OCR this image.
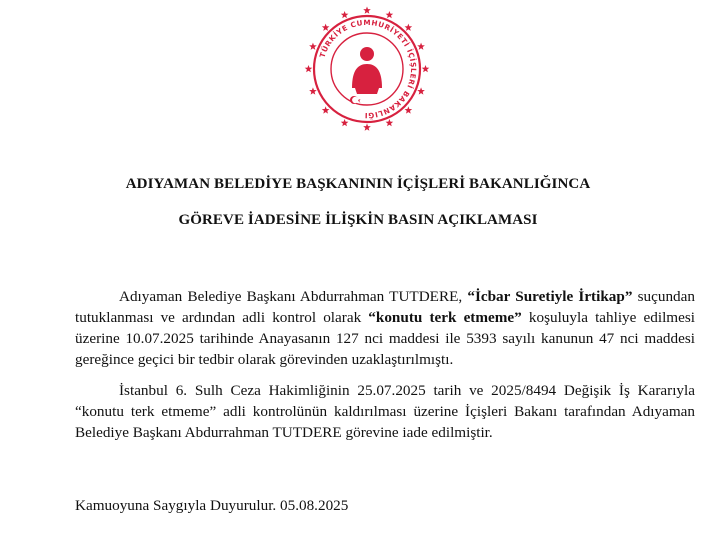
TÜRKİYE CUMHURİYETİ İÇİŞLERİ BAKANLIĞI
ADIYAMAN BELEDİYE BAŞKANININ İÇİŞLERİ BAKANLIĞINCA
GÖREVE İADESİNE İLİŞKİN BASIN AÇIKLAMASI
Adıyaman Belediye Başkanı Abdurrahman TUTDERE, “İcbar Suretiyle İrtikap” suçundan tutuklanması ve ardından adli kontrol olarak “konutu terk etmeme” koşuluyla tahliye edilmesi üzerine 10.07.2025 tarihinde Anayasanın 127 nci maddesi ile 5393 sayılı kanunun 47 nci maddesi gereğince geçici bir tedbir olarak görevinden uzaklaştırılmıştı.
İstanbul 6. Sulh Ceza Hakimliğinin 25.07.2025 tarih ve 2025/8494 Değişik İş Kararıyla “konutu terk etmeme” adli kontrolünün kaldırılması üzerine İçişleri Bakanı tarafından Adıyaman Belediye Başkanı Abdurrahman TUTDERE görevine iade edilmiştir.
Kamuoyuna Saygıyla Duyurulur. 05.08.2025
